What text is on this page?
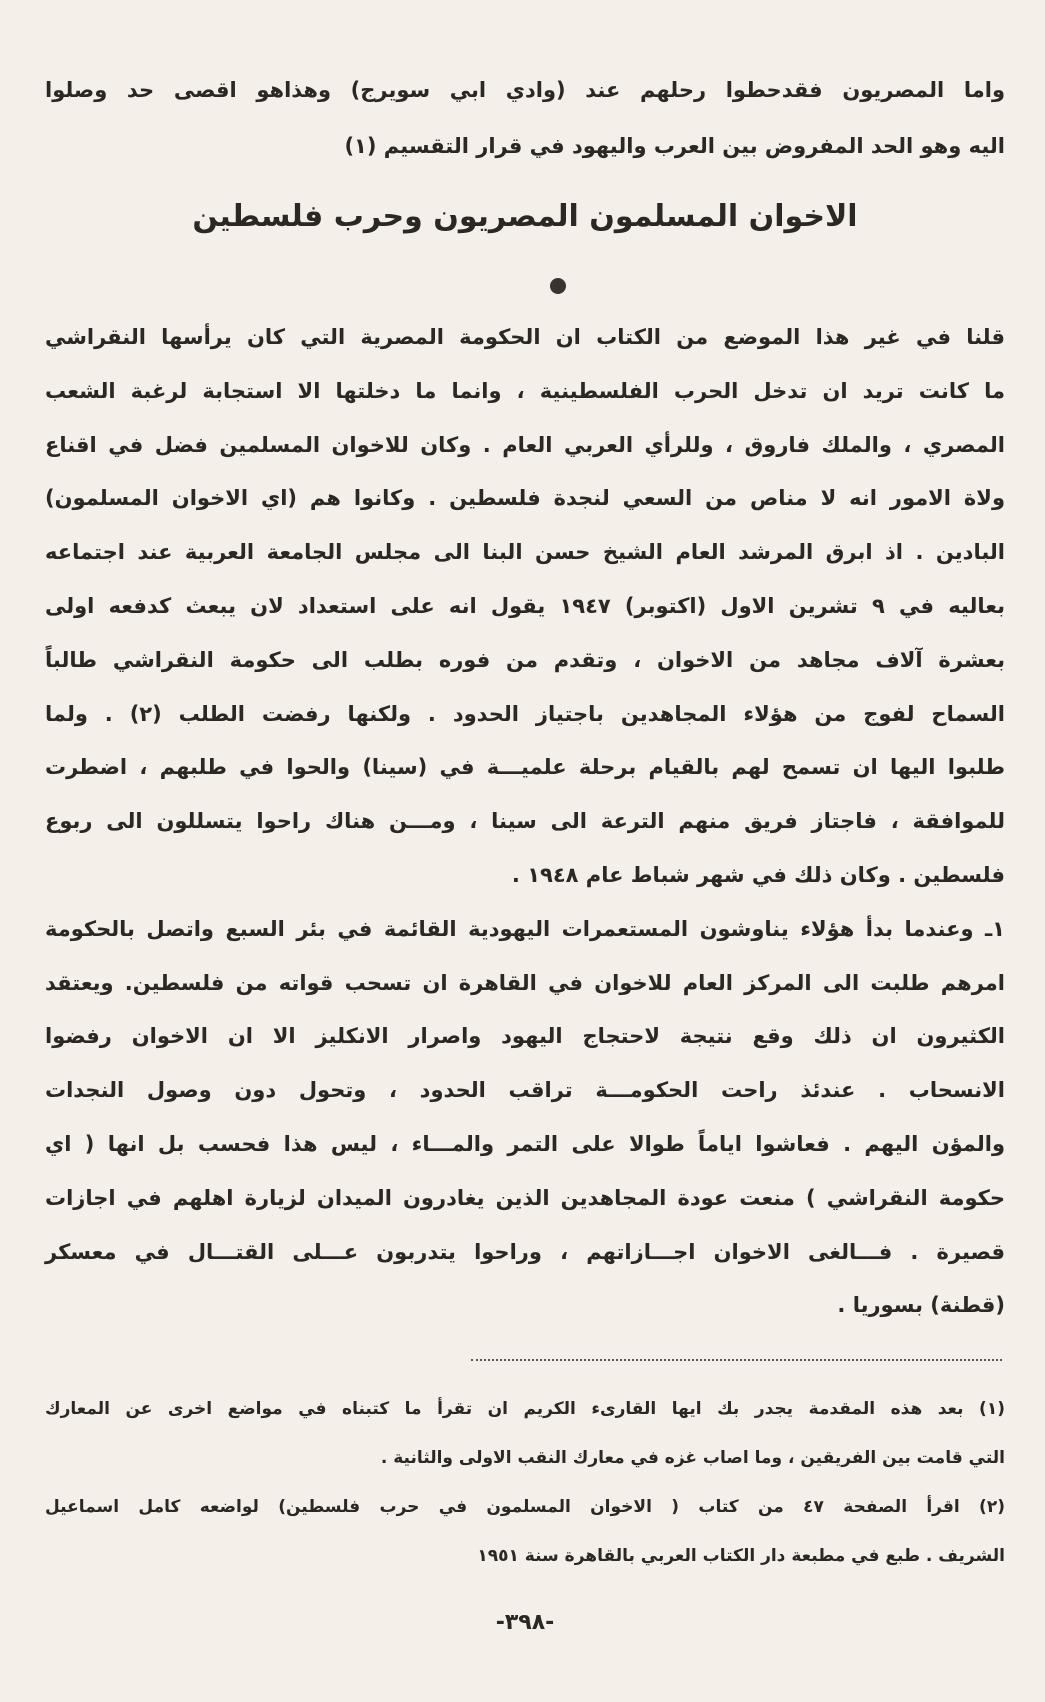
واما المصريون فقدحطوا رحلهم عند (وادي ابي سويرج) وهذاهو اقصى حد وصلوا
اليه وهو الحد المفروض بين العرب واليهود في قرار التقسيم (١)
الاخوان المسلمون المصريون وحرب فلسطين
قلنا في غير هذا الموضع من الكتاب ان الحكومة المصرية التي كان يرأسها النقراشي
ما كانت تريد ان تدخل الحرب الفلسطينية ، وانما ما دخلتها الا استجابة لرغبة الشعب
المصري ، والملك فاروق ، وللرأي العربي العام . وكان للاخوان المسلمين فضل في اقناع
ولاة الامور انه لا مناص من السعي لنجدة فلسطين . وكانوا هم (اي الاخوان المسلمون)
البادين . اذ ابرق المرشد العام الشيخ حسن البنا الى مجلس الجامعة العربية عند اجتماعه
بعاليه في ٩ تشرين الاول (اكتوبر) ١٩٤٧ يقول انه على استعداد لان يبعث كدفعه اولى
بعشرة آلاف مجاهد من الاخوان ، وتقدم من فوره بطلب الى حكومة النقراشي طالباً
السماح لفوج من هؤلاء المجاهدين باجتياز الحدود . ولكنها رفضت الطلب (٢) . ولما
طلبوا اليها ان تسمح لهم بالقيام برحلة علميـــة في (سينا) والحوا في طلبهم ، اضطرت
للموافقة ، فاجتاز فريق منهم الترعة الى سينا ، ومـــن هناك راحوا يتسللون الى ربوع
فلسطين . وكان ذلك في شهر شباط عام ١٩٤٨ .
١ـ وعندما بدأ هؤلاء يناوشون المستعمرات اليهودية القائمة في بئر السبع واتصل بالحكومة
امرهم طلبت الى المركز العام للاخوان في القاهرة ان تسحب قواته من فلسطين. ويعتقد
الكثيرون ان ذلك وقع نتيجة لاحتجاج اليهود واصرار الانكليز الا ان الاخوان رفضوا
الانسحاب . عندئذ راحت الحكومـــة تراقب الحدود ، وتحول دون وصول النجدات
والمؤن اليهم . فعاشوا اياماً طوالا على التمر والمـــاء ، ليس هذا فحسب بل انها ( اي
حكومة النقراشي ) منعت عودة المجاهدين الذين يغادرون الميدان لزيارة اهلهم في اجازات
قصيرة . فـــالغى الاخوان اجـــازاتهم ، وراحوا يتدربون عـــلى القتـــال في معسكر
(قطنة) بسوريا .
(١) بعد هذه المقدمة يجدر بك ايها القارىء الكريم ان تقرأ ما كتبناه في مواضع اخرى عن المعارك
التي قامت بين الفريقين ، وما اصاب غزه في معارك النقب الاولى والثانية .
(٢) اقرأ الصفحة ٤٧ من كتاب ( الاخوان المسلمون في حرب فلسطين) لواضعه كامل اسماعيل
الشريف . طبع في مطبعة دار الكتاب العربي بالقاهرة سنة ١٩٥١
-٣٩٨-
